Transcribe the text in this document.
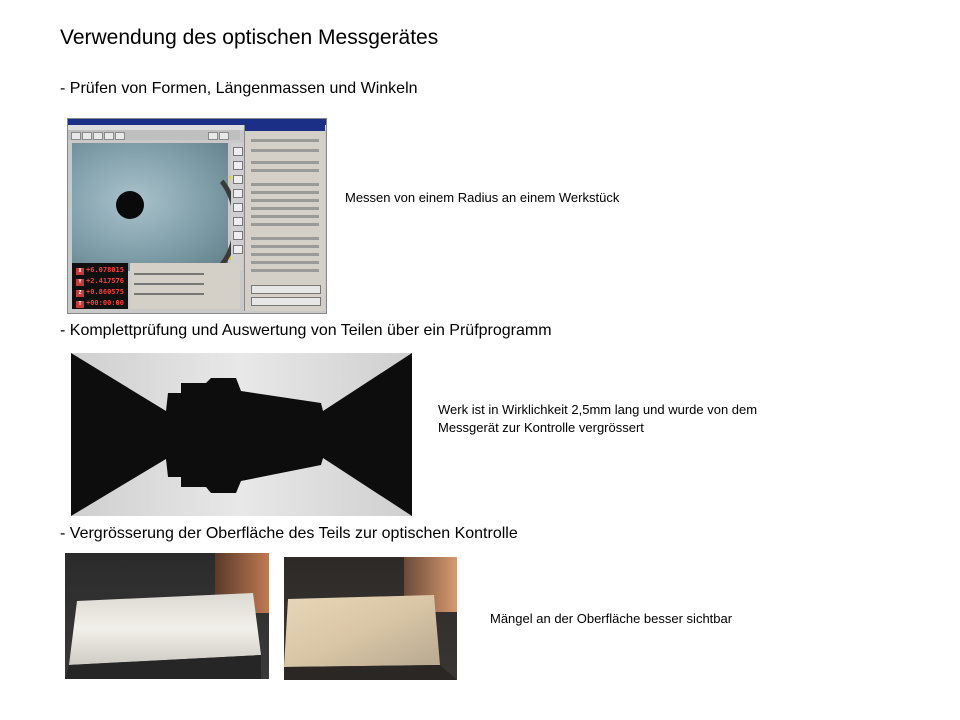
Verwendung des optischen Messgerätes
- Prüfen von Formen, Längenmassen und Winkeln
X +6.078015
Y +2.417576
Z +0.860575
T +00:00:00
Messen von einem Radius an einem Werkstück
- Komplettprüfung und Auswertung von Teilen über ein Prüfprogramm
Werk ist in Wirklichkeit 2,5mm lang und wurde von dem Messgerät zur Kontrolle vergrössert
- Vergrösserung der Oberfläche des Teils zur optischen Kontrolle
Mängel an der Oberfläche besser sichtbar
